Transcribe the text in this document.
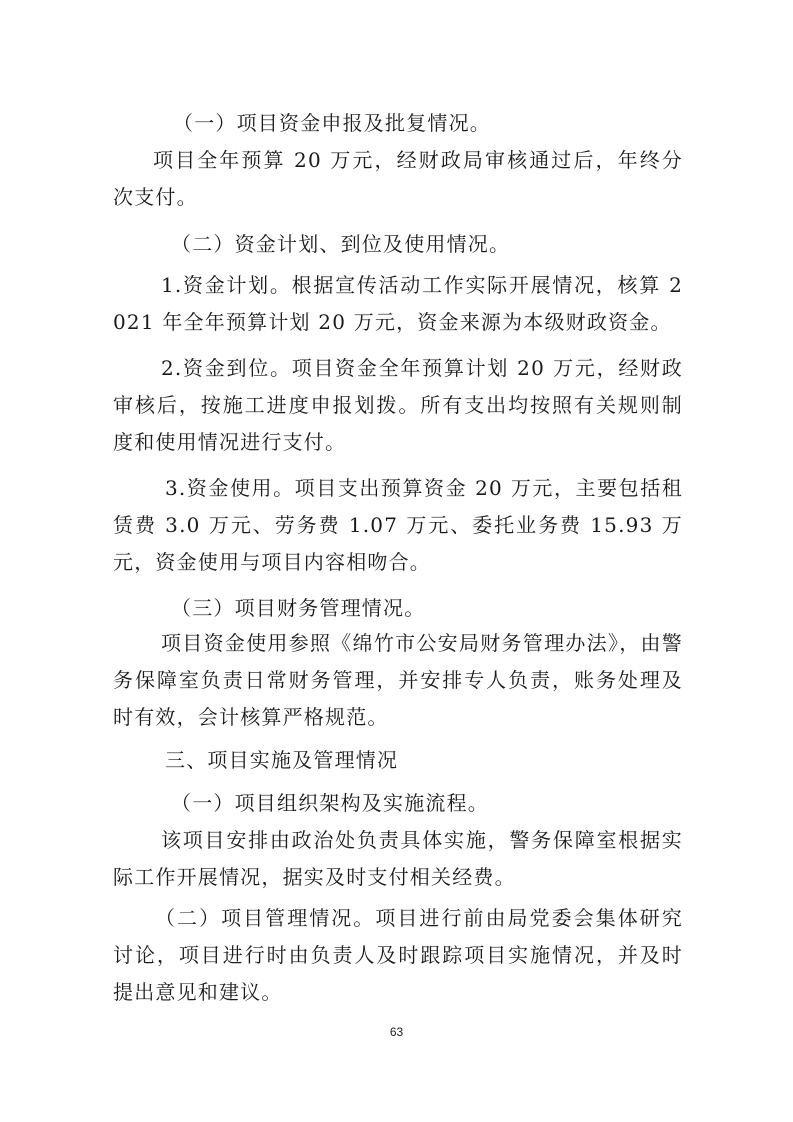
（一）项目资金申报及批复情况。

项目全年预算 20 万元，经财政局审核通过后，年终分次支付。

（二）资金计划、到位及使用情况。

1.资金计划。根据宣传活动工作实际开展情况，核算 2021 年全年预算计划 20 万元，资金来源为本级财政资金。

2.资金到位。项目资金全年预算计划 20 万元，经财政审核后，按施工进度申报划拨。所有支出均按照有关规则制度和使用情况进行支付。

3.资金使用。项目支出预算资金 20 万元，主要包括租赁费 3.0 万元、劳务费 1.07 万元、委托业务费 15.93 万元，资金使用与项目内容相吻合。

（三）项目财务管理情况。

项目资金使用参照《绵竹市公安局财务管理办法》，由警务保障室负责日常财务管理，并安排专人负责，账务处理及时有效，会计核算严格规范。

三、项目实施及管理情况

（一）项目组织架构及实施流程。

该项目安排由政治处负责具体实施，警务保障室根据实际工作开展情况，据实及时支付相关经费。

（二）项目管理情况。项目进行前由局党委会集体研究讨论，项目进行时由负责人及时跟踪项目实施情况，并及时提出意见和建议。

63
